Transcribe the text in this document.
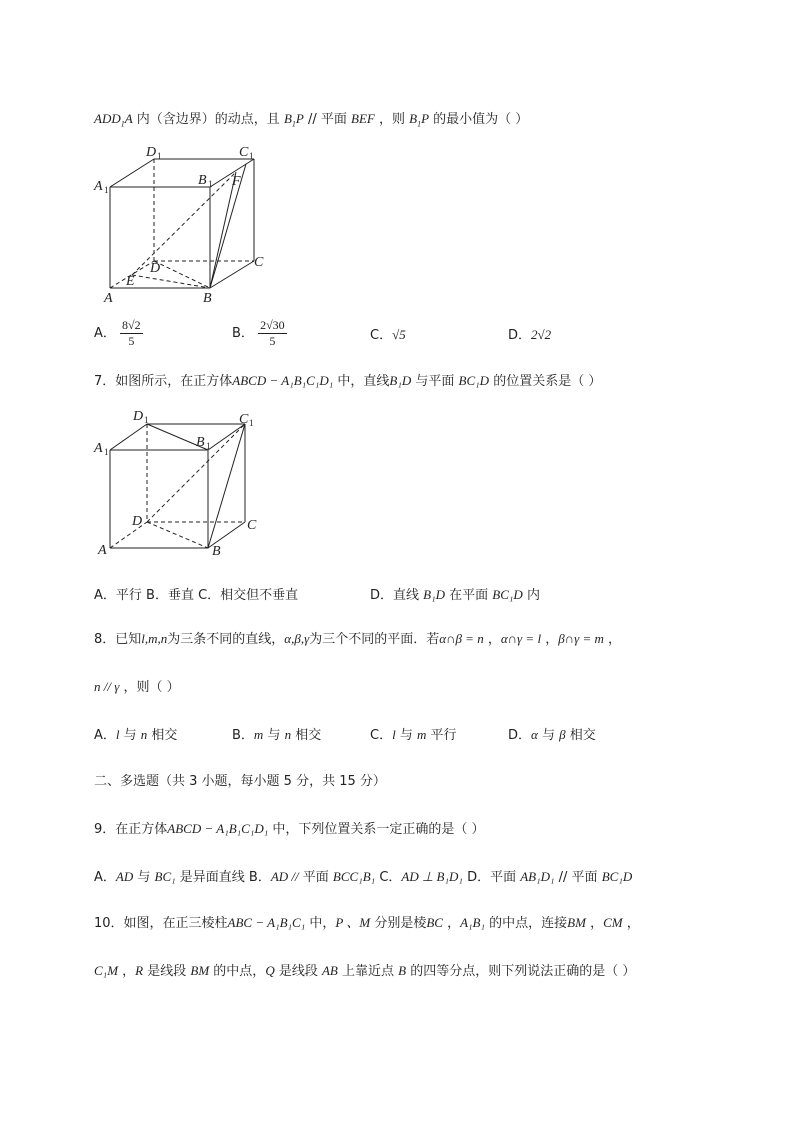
$ADD_1A$ 内（含边界）的动点，且 $B_1P$ // 平面 BEF ，则 $B_1P$ 的最小值为（ ）
D 1	C 1
A 1
B 1 F
D	C
E
A	B
A． $\frac{8√2}{5}$	B． $\frac{2√30}{5}$	C．√5	D．2√2
7．如图所示，在正方体ABCD − A₁B₁C₁D₁ 中，直线B₁D 与平面 BC₁D 的位置关系是（ ）
D 1	C 1
A 1
B 1
D	C
A	B
A．平行 B．垂直 C．相交但不垂直	D．直线 B₁D 在平面 BC₁D 内
8．已知l,m,n为三条不同的直线，α,β,γ为三个不同的平面．若α∩β = n ，α∩γ = l ，β∩γ = m ，
n // γ ，则（ ）
A．l 与 n 相交	B．m 与 n 相交	C．l 与 m 平行	D．α 与 β 相交
二、多选题（共 3 小题，每小题 5 分，共 15 分）
9．在正方体ABCD − A₁B₁C₁D₁ 中，下列位置关系一定正确的是（ ）
A．AD 与 BC₁ 是异面直线 B．AD // 平面 BCC₁B₁ C．AD ⊥ B₁D₁ D．平面 AB₁D₁ // 平面 BC₁D
10．如图，在正三棱柱ABC − A₁B₁C₁ 中，P 、M 分别是棱BC ，A₁B₁ 的中点，连接BM ，CM ，
C₁M ，R 是线段 BM 的中点，Q 是线段 AB 上靠近点 B 的四等分点，则下列说法正确的是（ ）
